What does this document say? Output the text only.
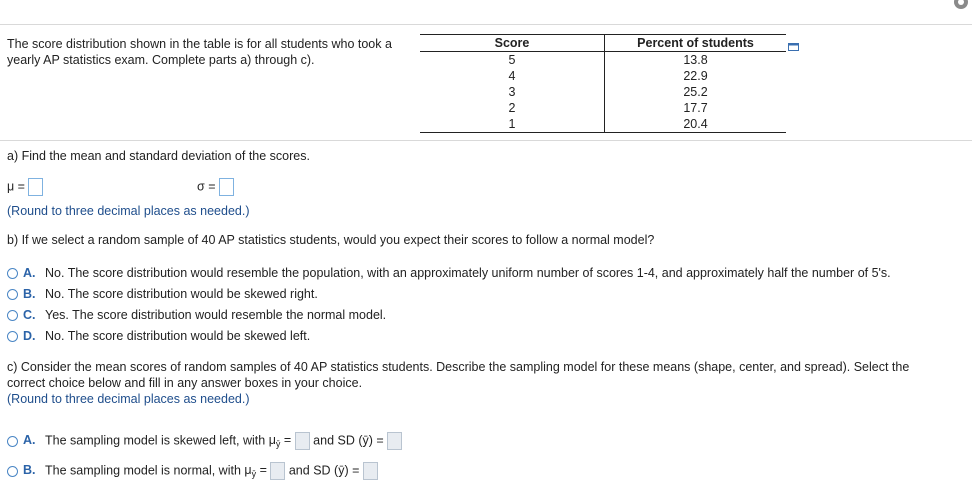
The score distribution shown in the table is for all students who took a yearly AP statistics exam. Complete parts a) through c).
Score	Percent of students
5	13.8
4	22.9
3	25.2
2	17.7
1	20.4
a) Find the mean and standard deviation of the scores.
μ =	σ =
(Round to three decimal places as needed.)
b) If we select a random sample of 40 AP statistics students, would you expect their scores to follow a normal model?
A. No. The score distribution would resemble the population, with an approximately uniform number of scores 1-4, and approximately half the number of 5's.
B. No. The score distribution would be skewed right.
C. Yes. The score distribution would resemble the normal model.
D. No. The score distribution would be skewed left.
c) Consider the mean scores of random samples of 40 AP statistics students. Describe the sampling model for these means (shape, center, and spread). Select the
correct choice below and fill in any answer boxes in your choice.
(Round to three decimal places as needed.)
A. The sampling model is skewed left, with $\mu_ȳ$ = and SD (ȳ) =
B. The sampling model is normal, with $\mu_ȳ$ = and SD (ȳ) =
